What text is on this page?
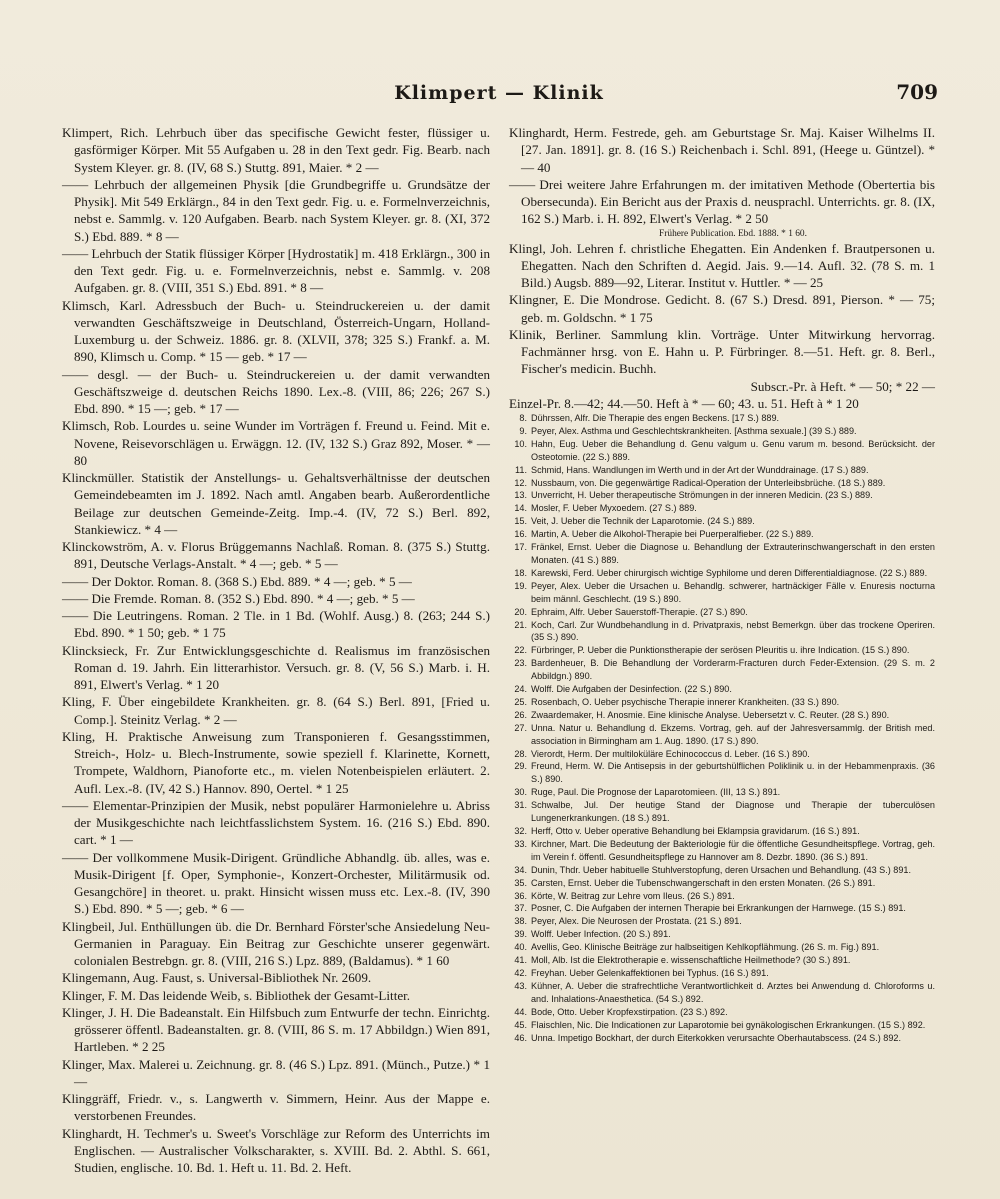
Klimpert — Klinik	709

Klimpert, Rich. Lehrbuch über das specifische Gewicht fester, flüssiger u. gasförmiger Körper. Mit 55 Aufgaben u. 28 in den Text gedr. Fig. Bearb. nach System Kleyer. gr. 8. (IV, 68 S.) Stuttg. 891, Maier. * 2 —

—— Lehrbuch der allgemeinen Physik [die Grundbegriffe u. Grundsätze der Physik]. Mit 549 Erklärgn., 84 in den Text gedr. Fig. u. e. Formelnverzeichnis, nebst e. Sammlg. v. 120 Aufgaben. Bearb. nach System Kleyer. gr. 8. (XI, 372 S.) Ebd. 889. * 8 —

—— Lehrbuch der Statik flüssiger Körper [Hydrostatik] m. 418 Erklärgn., 300 in den Text gedr. Fig. u. e. Formelnverzeichnis, nebst e. Sammlg. v. 208 Aufgaben. gr. 8. (VIII, 351 S.) Ebd. 891. * 8 —

Klimsch, Karl. Adressbuch der Buch- u. Steindruckereien u. der damit verwandten Geschäftszweige in Deutschland, Österreich-Ungarn, Holland-Luxemburg u. der Schweiz. 1886. gr. 8. (XLVII, 378; 325 S.) Frankf. a. M. 890, Klimsch u. Comp. * 15 — geb. * 17 —

—— desgl. — der Buch- u. Steindruckereien u. der damit verwandten Geschäftszweige d. deutschen Reichs 1890. Lex.-8. (VIII, 86; 226; 267 S.) Ebd. 890. * 15 —; geb. * 17 —

Klimsch, Rob. Lourdes u. seine Wunder im Vorträgen f. Freund u. Feind. Mit e. Novene, Reisevorschlägen u. Erwäggn. 12. (IV, 132 S.) Graz 892, Moser. * — 80

Klinckmüller. Statistik der Anstellungs- u. Gehaltsverhältnisse der deutschen Gemeindebeamten im J. 1892. Nach amtl. Angaben bearb. Außerordentliche Beilage zur deutschen Gemeinde-Zeitg. Imp.-4. (IV, 72 S.) Berl. 892, Stankiewicz. * 4 —

Klinckowström, A. v. Florus Brüggemanns Nachlaß. Roman. 8. (375 S.) Stuttg. 891, Deutsche Verlags-Anstalt. * 4 —; geb. * 5 —

—— Der Doktor. Roman. 8. (368 S.) Ebd. 889. * 4 —; geb. * 5 —

—— Die Fremde. Roman. 8. (352 S.) Ebd. 890. * 4 —; geb. * 5 —

—— Die Leutringens. Roman. 2 Tle. in 1 Bd. (Wohlf. Ausg.) 8. (263; 244 S.) Ebd. 890. * 1 50; geb. * 1 75

Klincksieck, Fr. Zur Entwicklungsgeschichte d. Realismus im französischen Roman d. 19. Jahrh. Ein litterarhistor. Versuch. gr. 8. (V, 56 S.) Marb. i. H. 891, Elwert's Verlag. * 1 20

Kling, F. Über eingebildete Krankheiten. gr. 8. (64 S.) Berl. 891, [Fried u. Comp.]. Steinitz Verlag. * 2 —

Kling, H. Praktische Anweisung zum Transponieren f. Gesangsstimmen, Streich-, Holz- u. Blech-Instrumente, sowie speziell f. Klarinette, Kornett, Trompete, Waldhorn, Pianoforte etc., m. vielen Notenbeispielen erläutert. 2. Aufl. Lex.-8. (IV, 42 S.) Hannov. 890, Oertel. * 1 25

—— Elementar-Prinzipien der Musik, nebst populärer Harmonielehre u. Abriss der Musikgeschichte nach leichtfasslichstem System. 16. (216 S.) Ebd. 890. cart. * 1 —

—— Der vollkommene Musik-Dirigent. Gründliche Abhandlg. üb. alles, was e. Musik-Dirigent [f. Oper, Symphonie-, Konzert-Orchester, Militärmusik od. Gesangchöre] in theoret. u. prakt. Hinsicht wissen muss etc. Lex.-8. (IV, 390 S.) Ebd. 890. * 5 —; geb. * 6 —

Klingbeil, Jul. Enthüllungen üb. die Dr. Bernhard Förster'sche Ansiedelung Neu-Germanien in Paraguay. Ein Beitrag zur Geschichte unserer gegenwärt. colonialen Bestrebgn. gr. 8. (VIII, 216 S.) Lpz. 889, (Baldamus). * 1 60

Klingemann, Aug. Faust, s. Universal-Bibliothek Nr. 2609.

Klinger, F. M. Das leidende Weib, s. Bibliothek der Gesamt-Litter.

Klinger, J. H. Die Badeanstalt. Ein Hilfsbuch zum Entwurfe der techn. Einrichtg. grösserer öffentl. Badeanstalten. gr. 8. (VIII, 86 S. m. 17 Abbildgn.) Wien 891, Hartleben. * 2 25

Klinger, Max. Malerei u. Zeichnung. gr. 8. (46 S.) Lpz. 891. (Münch., Putze.) * 1 —

Klinggräff, Friedr. v., s. Langwerth v. Simmern, Heinr. Aus der Mappe e. verstorbenen Freundes.

Klinghardt, H. Techmer's u. Sweet's Vorschläge zur Reform des Unterrichts im Englischen. — Australischer Volkscharakter, s. XVIII. Bd. 2. Abthl. S. 661, Studien, englische. 10. Bd. 1. Heft u. 11. Bd. 2. Heft.

Klinghardt, Herm. Festrede, geh. am Geburtstage Sr. Maj. Kaiser Wilhelms II. [27. Jan. 1891]. gr. 8. (16 S.) Reichenbach i. Schl. 891, (Heege u. Güntzel). * — 40

—— Drei weitere Jahre Erfahrungen m. der imitativen Methode (Obertertia bis Obersecunda). Ein Bericht aus der Praxis d. neusprachl. Unterrichts. gr. 8. (IX, 162 S.) Marb. i. H. 892, Elwert's Verlag. * 2 50

Frühere Publication. Ebd. 1888. * 1 60.

Klingl, Joh. Lehren f. christliche Ehegatten. Ein Andenken f. Brautpersonen u. Ehegatten. Nach den Schriften d. Aegid. Jais. 9.—14. Aufl. 32. (78 S. m. 1 Bild.) Augsb. 889—92, Literar. Institut v. Huttler. * — 25

Klingner, E. Die Mondrose. Gedicht. 8. (67 S.) Dresd. 891, Pierson. * — 75; geb. m. Goldschn. * 1 75

Klinik, Berliner. Sammlung klin. Vorträge. Unter Mitwirkung hervorrag. Fachmänner hrsg. von E. Hahn u. P. Fürbringer. 8.—51. Heft. gr. 8. Berl., Fischer's medicin. Buchh.

Subscr.-Pr. à Heft. * — 50; * 22 —

Einzel-Pr. 8.—42; 44.—50. Heft à * — 60; 43. u. 51. Heft à * 1 20

8. Dührssen, Alfr. Die Therapie des engen Beckens. [17 S.) 889.

9. Peyer, Alex. Asthma und Geschlechtskrankheiten. [Asthma sexuale.] (39 S.) 889.

10. Hahn, Eug. Ueber die Behandlung d. Genu valgum u. Genu varum m. besond. Berücksicht. der Osteotomie. (22 S.) 889.

11. Schmid, Hans. Wandlungen im Werth und in der Art der Wunddrainage. (17 S.) 889.

12. Nussbaum, von. Die gegenwärtige Radical-Operation der Unterleibsbrüche. (18 S.) 889.

13. Unverricht, H. Ueber therapeutische Strömungen in der inneren Medicin. (23 S.) 889.

14. Mosler, F. Ueber Myxoedem. (27 S.) 889.

15. Veit, J. Ueber die Technik der Laparotomie. (24 S.) 889.

16. Martin, A. Ueber die Alkohol-Therapie bei Puerperalfieber. (22 S.) 889.

17. Fränkel, Ernst. Ueber die Diagnose u. Behandlung der Extrauterinschwangerschaft in den ersten Monaten. (41 S.) 889.

18. Karewski, Ferd. Ueber chirurgisch wichtige Syphilome und deren Differentialdiagnose. (22 S.) 889.

19. Peyer, Alex. Ueber die Ursachen u. Behandlg. schwerer, hartnäckiger Fälle v. Enuresis nocturna beim männl. Geschlecht. (19 S.) 890.

20. Ephraim, Alfr. Ueber Sauerstoff-Therapie. (27 S.) 890.

21. Koch, Carl. Zur Wundbehandlung in d. Privatpraxis, nebst Bemerkgn. über das trockene Operiren. (35 S.) 890.

22. Fürbringer, P. Ueber die Punktionstherapie der serösen Pleuritis u. ihre Indication. (15 S.) 890.

23. Bardenheuer, B. Die Behandlung der Vorderarm-Fracturen durch Feder-Extension. (29 S. m. 2 Abbildgn.) 890.

24. Wolff. Die Aufgaben der Desinfection. (22 S.) 890.

25. Rosenbach, O. Ueber psychische Therapie innerer Krankheiten. (33 S.) 890.

26. Zwaardemaker, H. Anosmie. Eine klinische Analyse. Uebersetzt v. C. Reuter. (28 S.) 890.

27. Unna. Natur u. Behandlung d. Ekzems. Vortrag, geh. auf der Jahresversammlg. der British med. association in Birmingham am 1. Aug. 1890. (17 S.) 890.

28. Vierordt, Herm. Der multiloküläre Echinococcus d. Leber. (16 S.) 890.

29. Freund, Herm. W. Die Antisepsis in der geburtshülflichen Poliklinik u. in der Hebammenpraxis. (36 S.) 890.

30. Ruge, Paul. Die Prognose der Laparotomieen. (III, 13 S.) 891.

31. Schwalbe, Jul. Der heutige Stand der Diagnose und Therapie der tuberculösen Lungenerkrankungen. (18 S.) 891.

32. Herff, Otto v. Ueber operative Behandlung bei Eklampsia gravidarum. (16 S.) 891.

33. Kirchner, Mart. Die Bedeutung der Bakteriologie für die öffentliche Gesundheitspflege. Vortrag, geh. im Verein f. öffentl. Gesundheitspflege zu Hannover am 8. Dezbr. 1890. (36 S.) 891.

34. Dunin, Thdr. Ueber habituelle Stuhlverstopfung, deren Ursachen und Behandlung. (43 S.) 891.

35. Carsten, Ernst. Ueber die Tubenschwangerschaft in den ersten Monaten. (26 S.) 891.

36. Körte, W. Beitrag zur Lehre vom Ileus. (26 S.) 891.

37. Posner, C. Die Aufgaben der internen Therapie bei Erkrankungen der Harnwege. (15 S.) 891.

38. Peyer, Alex. Die Neurosen der Prostata. (21 S.) 891.

39. Wolff. Ueber Infection. (20 S.) 891.

40. Avellis, Geo. Klinische Beiträge zur halbseitigen Kehlkopflähmung. (26 S. m. Fig.) 891.

41. Moll, Alb. Ist die Elektrotherapie e. wissenschaftliche Heilmethode? (30 S.) 891.

42. Freyhan. Ueber Gelenkaffektionen bei Typhus. (16 S.) 891.

43. Kühner, A. Ueber die strafrechtliche Verantwortlichkeit d. Arztes bei Anwendung d. Chloroforms u. and. Inhalations-Anaesthetica. (54 S.) 892.

44. Bode, Otto. Ueber Kropfexstirpation. (23 S.) 892.

45. Flaischlen, Nic. Die Indicationen zur Laparotomie bei gynäkologischen Erkrankungen. (15 S.) 892.

46. Unna. Impetigo Bockhart, der durch Eiterkokken verursachte Oberhautabscess. (24 S.) 892.
